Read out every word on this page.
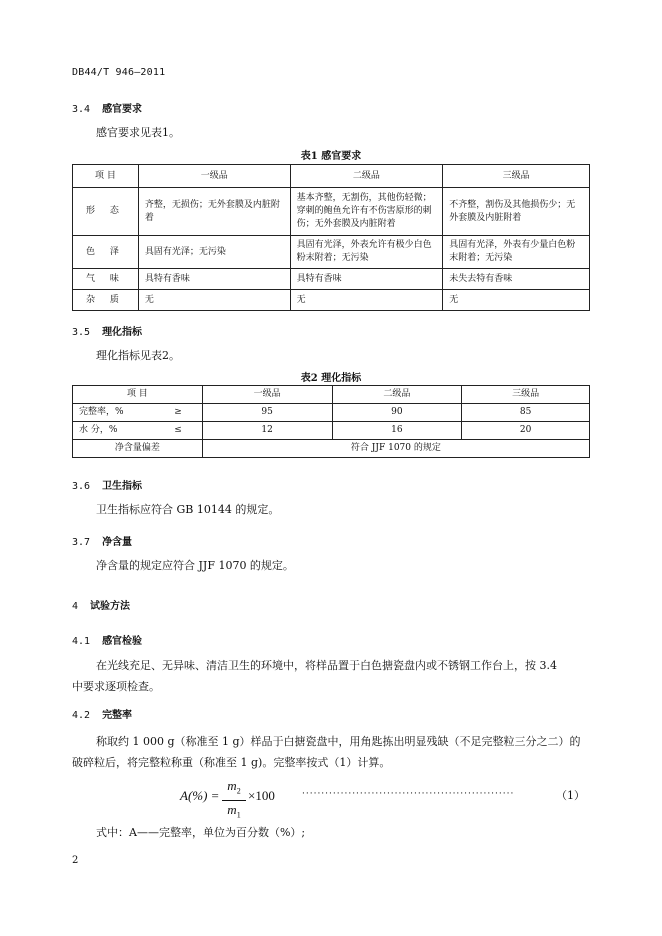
DB44/T 946—2011
3.4 感官要求
感官要求见表1。
表1 感官要求
项 目	一级品	二级品	三级品
形 态	齐整，无损伤；无外套膜及内脏附着	基本齐整，无割伤，其他伤轻微；穿刺的鲍鱼允许有不伤害原形的刺伤；无外套膜及内脏附着	不齐整，割伤及其他损伤少；无外套膜及内脏附着
色 泽	具固有光泽；无污染	具固有光泽，外表允许有极少白色粉末附着；无污染	具固有光泽，外表有少量白色粉末附着；无污染
气 味	具特有香味	具特有香味	未失去特有香味
杂 质	无	无	无
3.5 理化指标
理化指标见表2。
表2 理化指标
项 目	一级品	二级品	三级品
完整率，% ≥	95	90	85
水 分，% ≤	12	16	20
净含量偏差	符合 JJF 1070 的规定		
3.6 卫生指标
卫生指标应符合 GB 10144 的规定。
3.7 净含量
净含量的规定应符合 JJF 1070 的规定。
4 试验方法
4.1 感官检验
在光线充足、无异味、清洁卫生的环境中，将样品置于白色搪瓷盘内或不锈钢工作台上，按 3.4
中要求逐项检查。
4.2 完整率
称取约 1 000 g（称准至 1 g）样品于白搪瓷盘中，用角匙拣出明显残缺（不足完整粒三分之二）的
破碎粒后，将完整粒称重（称准至 1 g)。完整率按式（1）计算。
A(%) =
$m_2$
$m_1$
×100	·······················································	（1）
式中：A——完整率，单位为百分数（%）;
2
